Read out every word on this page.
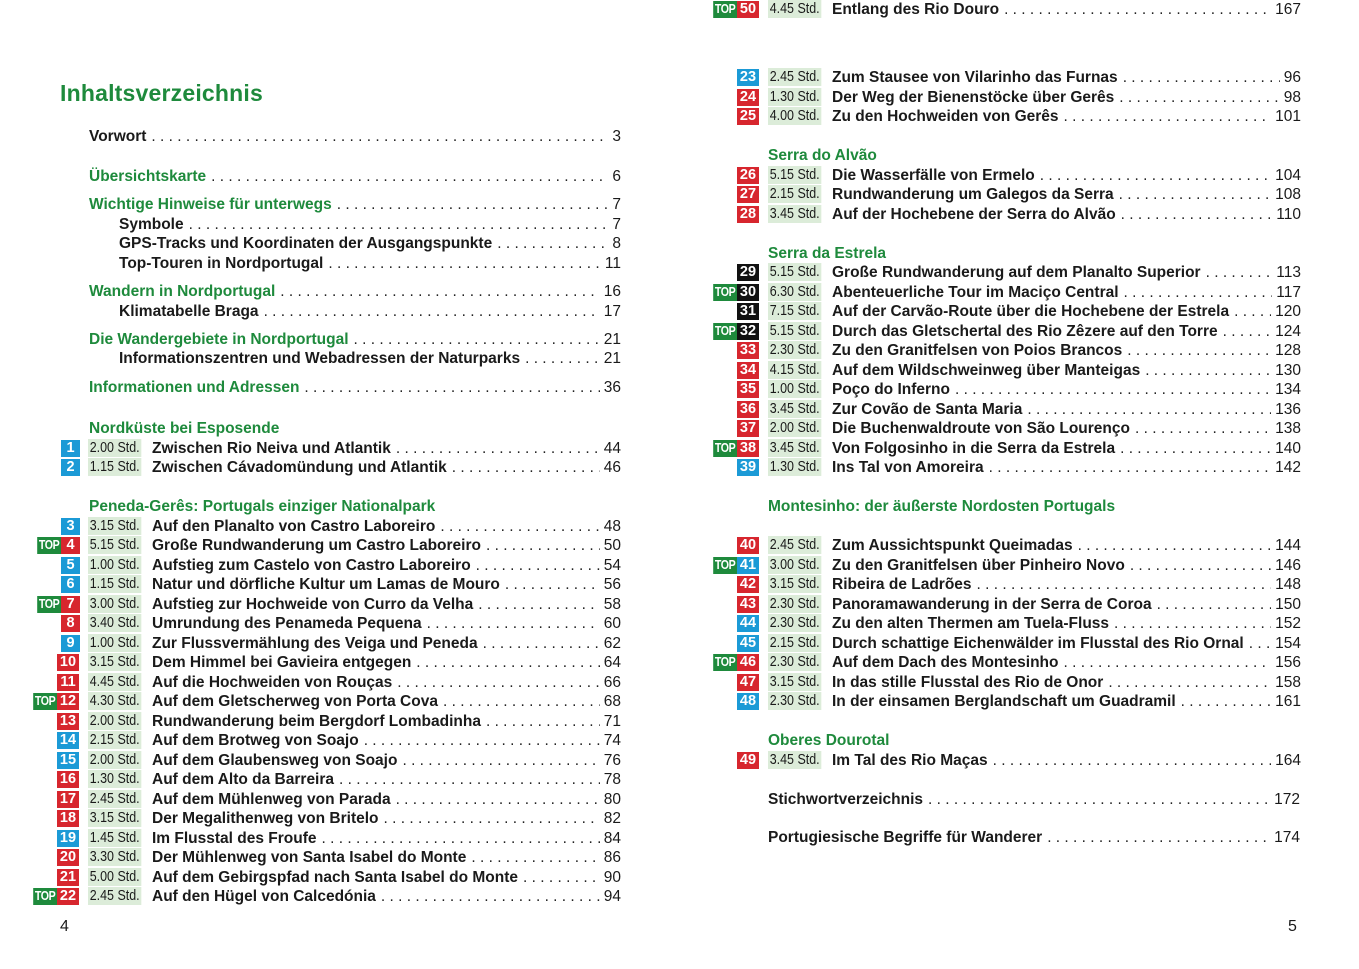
Inhaltsverzeichnis
Vorwort . . .	3
Übersichtskarte . . .	6
Wichtige Hinweise für unterwegs . . .	7
Symbole . . .	7
GPS-Tracks und Koordinaten der Ausgangspunkte . . .	8
Top-Touren in Nordportugal . . .	11
Wandern in Nordportugal . . .	16
Klimatabelle Braga . . .	17
Die Wandergebiete in Nordportugal . . .	21
Informationszentren und Webadressen der Naturparks . . .	21
Informationen und Adressen . . .	36
Nordküste bei Esposende
Peneda-Gerês: Portugals einziger Nationalpark
4
Serra do Alvão
Serra da Estrela
Montesinho: der äußerste Nordosten Portugals
Oberes Dourotal
Stichwortverzeichnis . . .	172
Portugiesische Begriffe für Wanderer . . .	174
5
1	2.00 Std. Zwischen Rio Neiva und Atlantik . . .	44
2	1.15 Std. Zwischen Cávadomündung und Atlantik . . .	46
3	3.15 Std. Auf den Planalto von Castro Laboreiro . . .	48
TOP 4	5.15 Std. Große Rundwanderung um Castro Laboreiro . . .	50
5	1.00 Std. Aufstieg zum Castelo von Castro Laboreiro . . .	54
6	1.15 Std. Natur und dörfliche Kultur um Lamas de Mouro . . .	56
TOP 7	3.00 Std. Aufstieg zur Hochweide von Curro da Velha . . .	58
8	3.40 Std. Umrundung des Penameda Pequena . . .	60
9	1.00 Std. Zur Flussvermählung des Veiga und Peneda . . .	62
10 3.15 Std. Dem Himmel bei Gavieira entgegen . . .	64
11 4.45 Std. Auf die Hochweiden von Rouças . . .	66
TOP 12 4.30 Std. Auf dem Gletscherweg von Porta Cova . . .	68
13 2.00 Std. Rundwanderung beim Bergdorf Lombadinha . . .	71
14 2.15 Std. Auf dem Brotweg von Soajo . . .	74
15 2.00 Std. Auf dem Glaubensweg von Soajo . . .	76
16 1.30 Std. Auf dem Alto da Barreira . . .	78
17 2.45 Std. Auf dem Mühlenweg von Parada . . .	80
18 3.15 Std. Der Megalithenweg von Britelo . . .	82
19 1.45 Std. Im Flusstal des Froufe . . .	84
20 3.30 Std. Der Mühlenweg von Santa Isabel do Monte . . .	86
21 5.00 Std. Auf dem Gebirgspfad nach Santa Isabel do Monte . . .	90
TOP 22 2.45 Std. Auf den Hügel von Calcedónia . . .	94
23 2.45 Std. Zum Stausee von Vilarinho das Furnas . . .	96
24 1.30 Std. Der Weg der Bienenstöcke über Gerês . . .	98
25 4.00 Std. Zu den Hochweiden von Gerês . . .	101
26 5.15 Std. Die Wasserfälle von Ermelo . . .	104
27 2.15 Std. Rundwanderung um Galegos da Serra . . .	108
28 3.45 Std. Auf der Hochebene der Serra do Alvão . . .	110
29 5.15 Std. Große Rundwanderung auf dem Planalto Superior . . .	113
TOP 30 6.30 Std. Abenteuerliche Tour im Maciço Central . . .	117
31 7.15 Std. Auf der Carvão-Route über die Hochebene der Estrela . . .	120
TOP 32 5.15 Std. Durch das Gletschertal des Rio Zêzere auf den Torre . . .	124
33 2.30 Std. Zu den Granitfelsen von Poios Brancos . . .	128
34 4.15 Std. Auf dem Wildschweinweg über Manteigas . . .	130
35 1.00 Std. Poço do Inferno . . .	134
36 3.45 Std. Zur Covão de Santa Maria . . .	136
37 2.00 Std. Die Buchenwaldroute von São Lourenço . . .	138
TOP 38 3.45 Std. Von Folgosinho in die Serra da Estrela . . .	140
39 1.30 Std. Ins Tal von Amoreira . . .	142
40 2.45 Std. Zum Aussichtspunkt Queimadas . . .	144
TOP 41 3.00 Std. Zu den Granitfelsen über Pinheiro Novo . . .	146
42 3.15 Std. Ribeira de Ladrões . . .	148
43 2.30 Std. Panoramawanderung in der Serra de Coroa . . .	150
44 2.30 Std. Zu den alten Thermen am Tuela-Fluss . . .	152
45 2.15 Std. Durch schattige Eichenwälder im Flusstal des Rio Ornal . . . 154
TOP 46 2.30 Std. Auf dem Dach des Montesinho . . .	156
47 3.15 Std. In das stille Flusstal des Rio de Onor . . .	158
48 2.30 Std. In der einsamen Berglandschaft um Guadramil . . .	161
49 3.45 Std. Im Tal des Rio Maças . . .	164
TOP 50 4.45 Std. Entlang des Rio Douro . . .	167
